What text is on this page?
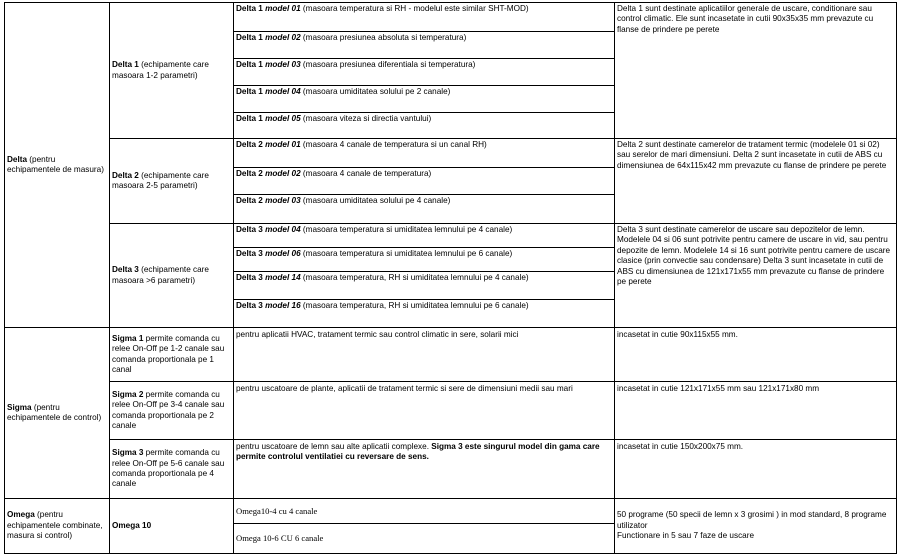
Delta (pentru echipamentele de masura)
Sigma (pentru echipamentele de control)
Omega (pentru echipamentele combinate, masura si control)
Delta 1 (echipamente care masoara 1-2 parametri)
Delta 2 (echipamente care masoara 2-5 parametri)
Delta 3 (echipamente care masoara >6 parametri)
Sigma 1 permite comanda cu relee On-Off pe 1-2 canale sau comanda proportionala pe 1 canal
Sigma 2 permite comanda cu relee On-Off pe 3-4 canale sau comanda proportionala pe 2 canale
Sigma 3 permite comanda cu relee On-Off pe 5-6 canale sau comanda proportionala pe 4 canale
Omega 10
Delta 1 model 01 (masoara temperatura si RH - modelul este similar SHT-MOD)
Delta 1 model 02 (masoara presiunea absoluta si temperatura)
Delta 1 model 03 (masoara presiunea diferentiala si temperatura)
Delta 1 model 04 (masoara umiditatea solului pe 2 canale)
Delta 1 model 05 (masoara viteza si directia vantului)
Delta 2 model 01 (masoara 4 canale de temperatura si un canal RH)
Delta 2 model 02 (masoara 4 canale de temperatura)
Delta 2 model 03 (masoara umiditatea solului pe 4 canale)
Delta 3 model 04 (masoara temperatura si umiditatea lemnului pe 4 canale)
Delta 3 model 06 (masoara temperatura si umiditatea lemnului pe 6 canale)
Delta 3 model 14 (masoara temperatura, RH si umiditatea lemnului pe 4 canale)
Delta 3 model 16 (masoara temperatura, RH si umiditatea lemnului pe 6 canale)
pentru aplicatii HVAC, tratament termic sau control climatic in sere, solarii mici
pentru uscatoare de plante, aplicatii de tratament termic si sere de dimensiuni medii sau mari
pentru uscatoare de lemn sau alte aplicatii complexe. Sigma 3 este singurul model din gama care permite controlul ventilatiei cu reversare de sens.
Omega10-4 cu 4 canale
Omega 10-6 CU 6 canale
Delta 1 sunt destinate aplicatiilor generale de uscare, conditionare sau control climatic. Ele sunt incasetate in cutii 90x35x35 mm prevazute cu flanse de prindere pe perete
Delta 2 sunt destinate camerelor de tratament termic (modelele 01 si 02) sau serelor de mari dimensiuni. Delta 2 sunt incasetate in cutii de ABS cu dimensiunea de 64x115x42 mm prevazute cu flanse de prindere pe perete
Delta 3 sunt destinate camerelor de uscare sau depozitelor de lemn. Modelele 04 si 06 sunt potrivite pentru camere de uscare in vid, sau pentru depozite de lemn. Modelele 14 si 16 sunt potrivite pentru camere de uscare clasice (prin convectie sau condensare) Delta 3 sunt incasetate in cutii de ABS cu dimensiunea de 121x171x55 mm prevazute cu flanse de prindere pe perete
incasetat in cutie 90x115x55 mm.
incasetat in cutie 121x171x55 mm sau 121x171x80 mm
incasetat in cutie 150x200x75 mm.

50 programe (50 specii de lemn x 3 grosimi ) in mod standard, 8 programe utilizator
Functionare in 5 sau 7 faze de uscare
